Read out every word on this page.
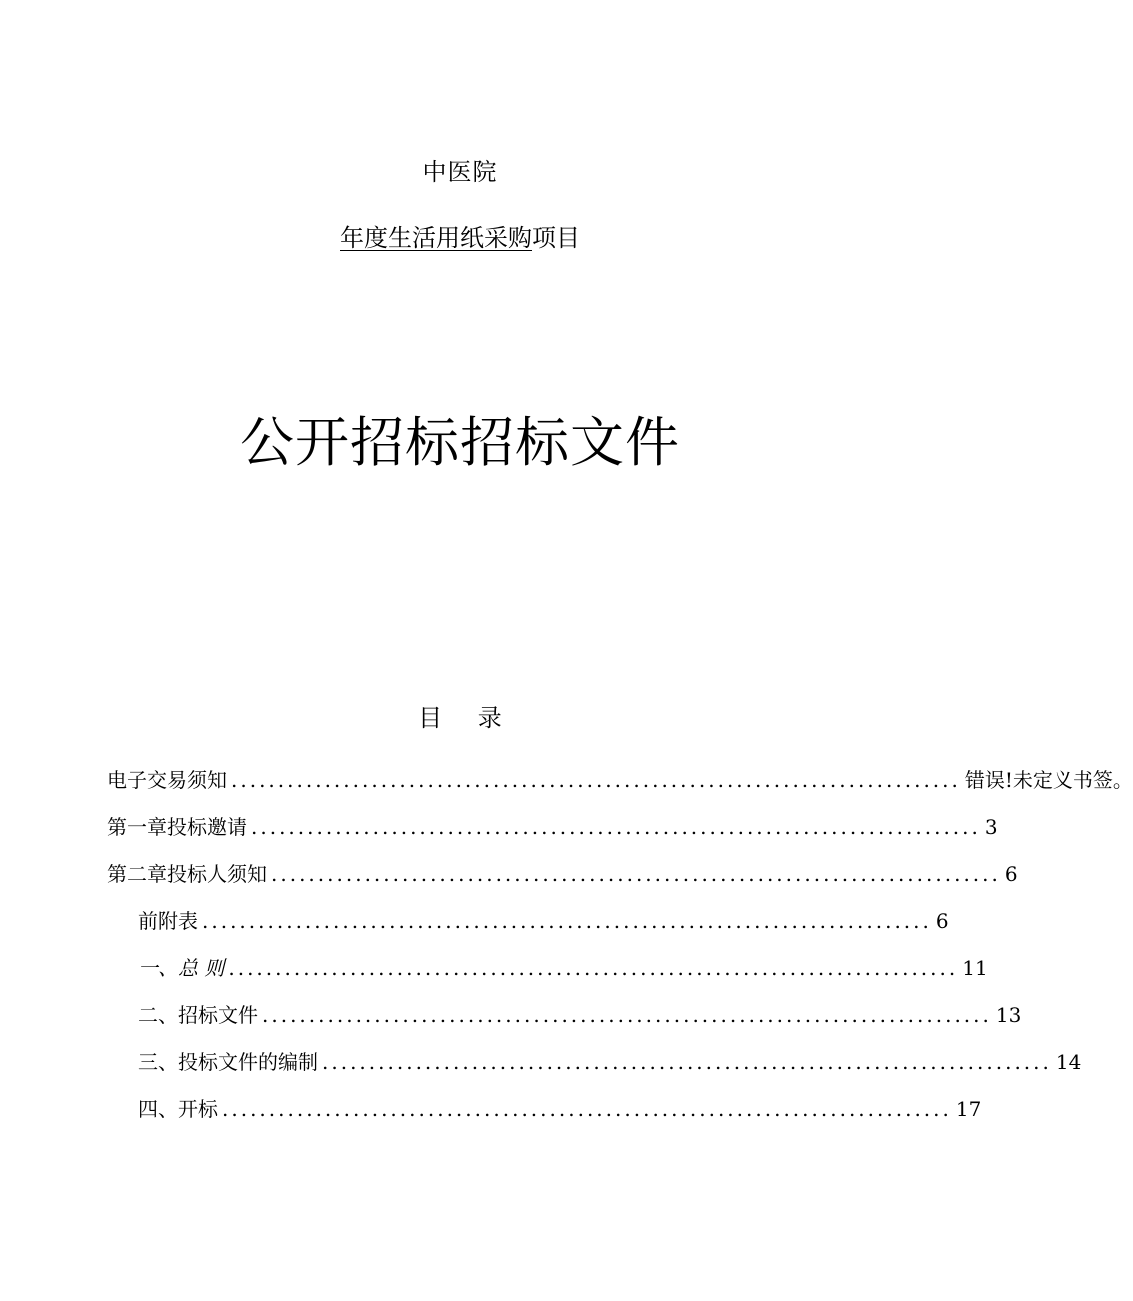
中医院
年度生活用纸采购项目
公开招标招标文件
目 录
电子交易须知 .............................................................................. 错误!未定义书签。
第一章投标邀请 .............................................................................. 3
第二章投标人须知 .............................................................................. 6
前附表 .............................................................................. 6
一、总 则 .............................................................................. 11
二、招标文件 .............................................................................. 13
三、投标文件的编制 .............................................................................. 14
四、开标 .............................................................................. 17
